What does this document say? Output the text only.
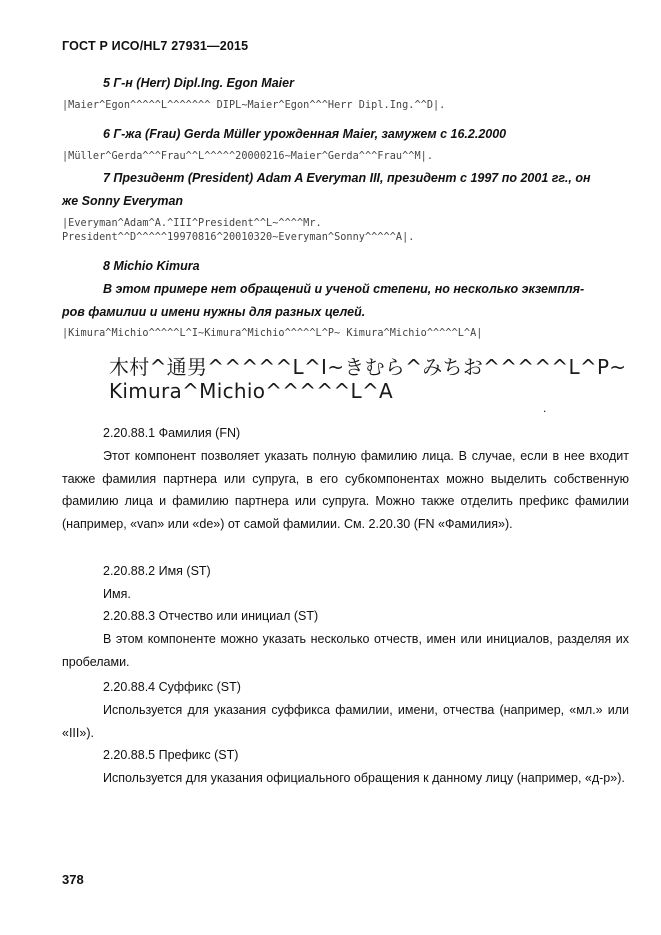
ГОСТ Р ИСО/HL7 27931—2015
5 Г-н (Herr) Dipl.Ing. Egon Maier
|Maier^Egon^^^^^L^^^^^^^ DIPL~Maier^Egon^^^Herr Dipl.Ing.^^D|.
6 Г-жа (Frau) Gerda Müller урожденная Maier, замужем с 16.2.2000
|Müller^Gerda^^^Frau^^L^^^^^20000216~Maier^Gerda^^^Frau^^M|.
7 Президент (President) Adam A Everyman III, президент с 1997 по 2001 гг., он
же Sonny Everyman
|Everyman^Adam^A.^III^President^^L~^^^^Mr.
President^^D^^^^^19970816^20010320~Everyman^Sonny^^^^^A|.
8 Michio Kimura
В этом примере нет обращений и ученой степени, но несколько экземпля-
ров фамилии и имени нужны для разных целей.
|Kimura^Michio^^^^^L^I~Kimura^Michio^^^^^L^P~ Kimura^Michio^^^^^L^A|
木村^通男^^^^^L^I~きむら^みちお^^^^^L^P~
Kimura^Michio^^^^^L^A
.
2.20.88.1 Фамилия (FN)
Этот компонент позволяет указать полную фамилию лица. В случае, если в нее входит также фамилия партнера или супруга, в его субкомпонентах можно выделить собственную фамилию лица и фамилию партнера или супруга. Можно также отделить префикс фамилии (например, «van» или «de») от самой фамилии. См. 2.20.30 (FN «Фамилия»).
2.20.88.2 Имя (ST)
Имя.
2.20.88.3 Отчество или инициал (ST)
В этом компоненте можно указать несколько отчеств, имен или инициалов, разделяя их пробелами.
2.20.88.4 Суффикс (ST)
Используется для указания суффикса фамилии, имени, отчества (например, «мл.» или «III»).
2.20.88.5 Префикс (ST)
Используется для указания официального обращения к данному лицу (например, «д-р»).
378
